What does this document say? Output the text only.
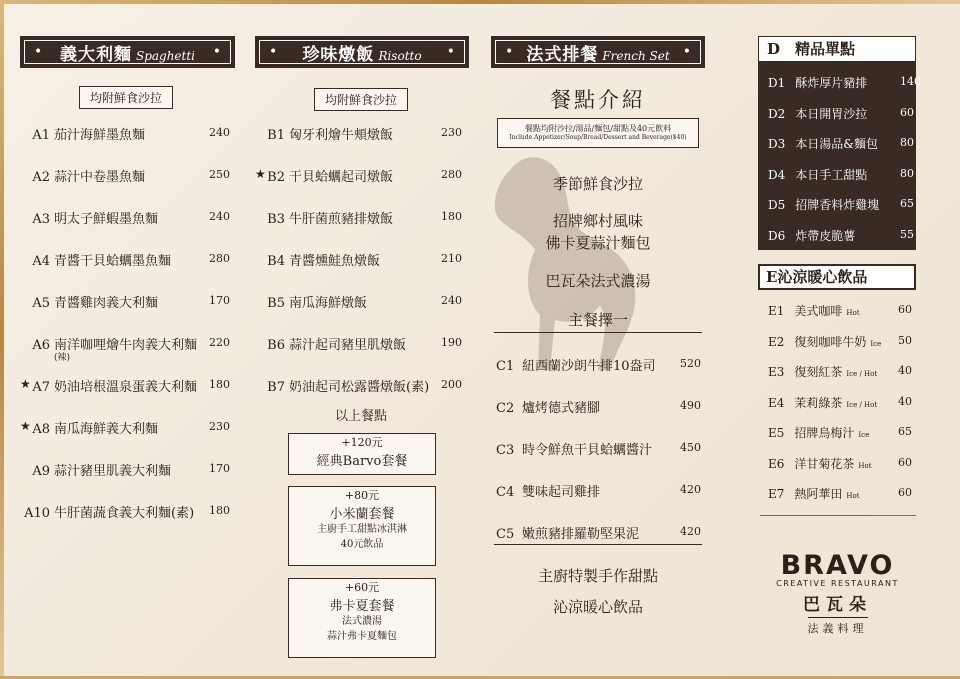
• 義大利麵 Spaghetti •
均附鮮食沙拉
A1 茄汁海鮮墨魚麵	240
A2 蒜汁中卷墨魚麵	250
A3 明太子鮮蝦墨魚麵	240
A4 青醬干貝蛤蠣墨魚麵	280
A5 青醬雞肉義大利麵	170
A6 南洋咖哩燴牛肉義大利麵 220
(辣)
★ A7 奶油培根溫泉蛋義大利麵 180
★ A8 南瓜海鮮義大利麵	230
A9 蒜汁豬里肌義大利麵	170
A10 牛肝菌蔬食義大利麵(素) 180
• 珍味燉飯 Risotto •
均附鮮食沙拉
B1 匈牙利燴牛頰燉飯	230
★ B2 干貝蛤蠣起司燉飯	280
B3 牛肝菌煎豬排燉飯	180
B4 青醬燻鮭魚燉飯	210
B5 南瓜海鮮燉飯	240
B6 蒜汁起司豬里肌燉飯	190
B7 奶油起司松露醬燉飯(素) 200
以上餐點
+120元
經典Barvo套餐
+80元
小米蘭套餐
主廚手工甜點冰淇淋
40元飲品
+60元
弗卡夏套餐
法式濃湯
蒜汁弗卡夏麵包
• 法式排餐 French Set •
餐點介紹
餐點均附沙拉/湯品/麵包/甜點及40元飲料
Include Appetizer/Soup/Bread/Dessert and Beverage($40)
季節鮮食沙拉
招牌鄉村風味
佛卡夏蒜汁麵包
巴瓦朵法式濃湯
主餐擇一
C1 紐西蘭沙朗牛排10盎司 520
C2 爐烤德式豬腳	490
C3 時令鮮魚干貝蛤蠣醬汁	450
C4 雙味起司雞排	420
C5 嫩煎豬排羅勒堅果泥	420
主廚特製手作甜點
沁涼暖心飲品
D　精品單點
D1 酥炸厚片豬排	140
D2 本日開胃沙拉	60
D3 本日湯品&麵包 80
D4 本日手工甜點	80
D5 招牌香料炸雞塊 65
D6 炸帶皮脆薯	55
E沁涼暖心飲品
E1 美式咖啡 Hot	60
E2 復刻咖啡牛奶 Ice 50
E3 復刻紅茶 Ice / Hot 40
E4 茉莉綠茶 Ice / Hot 40
E5 招牌烏梅汁 Ice	65
E6 洋甘菊花茶 Hot 60
E7 熱阿華田 Hot	60
BRAVO
CREATIVE RESTAURANT
巴瓦朵
法義料理
